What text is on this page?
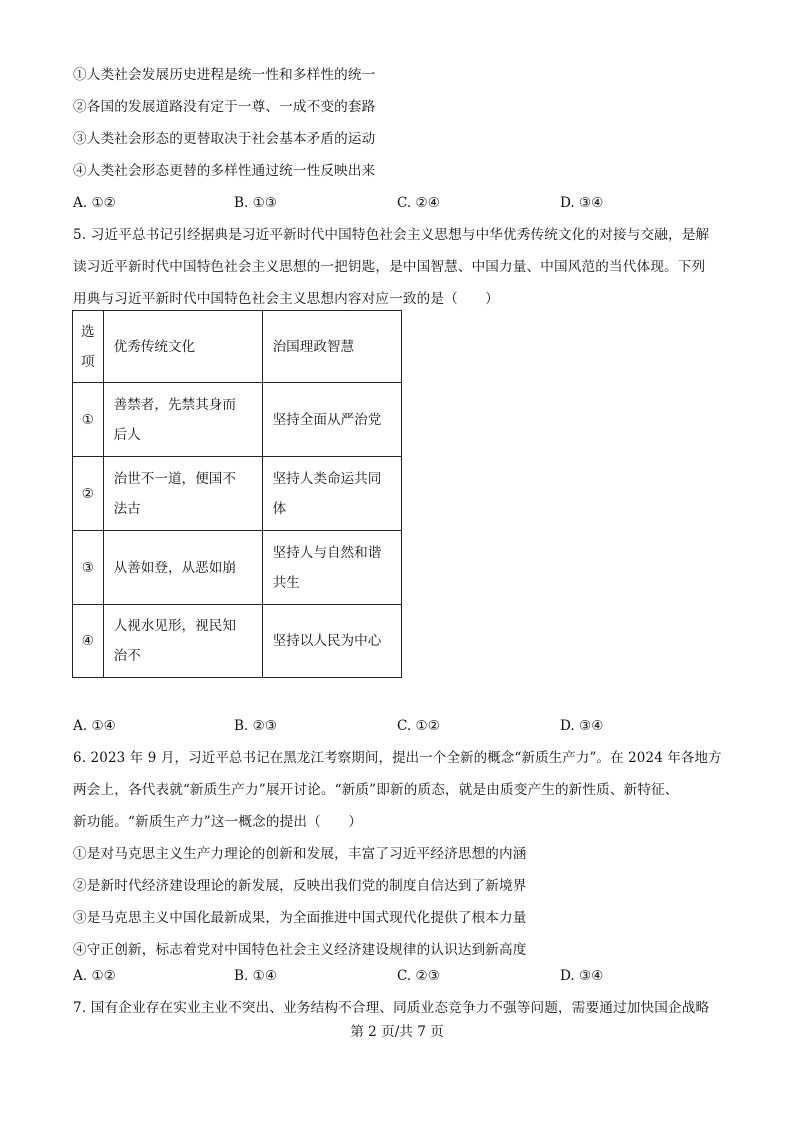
①人类社会发展历史进程是统一性和多样性的统一
②各国的发展道路没有定于一尊、一成不变的套路
③人类社会形态的更替取决于社会基本矛盾的运动
④人类社会形态更替的多样性通过统一性反映出来
A. ①②	B. ①③	C. ②④	D. ③④
5. 习近平总书记引经据典是习近平新时代中国特色社会主义思想与中华优秀传统文化的对接与交融，是解
读习近平新时代中国特色社会主义思想的一把钥匙，是中国智慧、中国力量、中国风范的当代体现。下列
用典与习近平新时代中国特色社会主义思想内容对应一致的是（　　）
选
项	优秀传统文化	治国理政智慧

①	善禁者，先禁其身而
后人	坚持全面从严治党

②	治世不一道，便国不
法古	坚持人类命运共同
体

③	从善如登，从恶如崩	坚持人与自然和谐
共生

④	人视水见形，视民知
治不	坚持以人民为中心
A. ①④	B. ②③	C. ①②	D. ③④
6. 2023 年 9 月，习近平总书记在黑龙江考察期间，提出一个全新的概念“新质生产力”。在 2024 年各地方
两会上，各代表就“新质生产力”展开讨论。“新质”即新的质态，就是由质变产生的新性质、新特征、
新功能。“新质生产力”这一概念的提出（　　）
①是对马克思主义生产力理论的创新和发展，丰富了习近平经济思想的内涵
②是新时代经济建设理论的新发展，反映出我们党的制度自信达到了新境界
③是马克思主义中国化最新成果，为全面推进中国式现代化提供了根本力量
④守正创新，标志着党对中国特色社会主义经济建设规律的认识达到新高度
A. ①②	B. ①④	C. ②③	D. ③④
7. 国有企业存在实业主业不突出、业务结构不合理、同质业态竞争力不强等问题，需要通过加快国企战略
第 2 页/共 7 页
